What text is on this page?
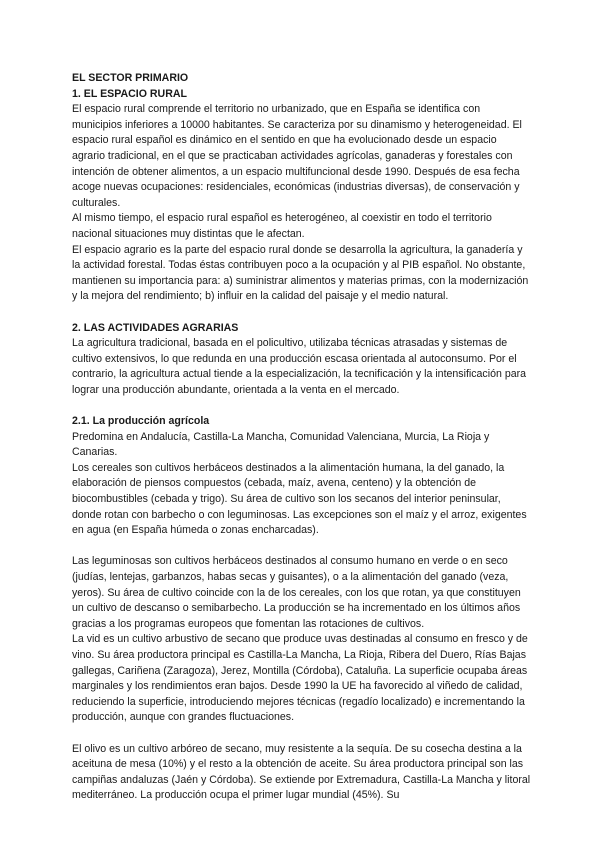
EL SECTOR PRIMARIO

1. EL ESPACIO RURAL

El espacio rural comprende el territorio no urbanizado, que en España se identifica con municipios inferiores a 10000 habitantes. Se caracteriza por su dinamismo y heterogeneidad. El espacio rural español es dinámico en el sentido en que ha evolucionado desde un espacio agrario tradicional, en el que se practicaban actividades agrícolas, ganaderas y forestales con intención de obtener alimentos, a un espacio multifuncional desde 1990. Después de esa fecha acoge nuevas ocupaciones: residenciales, económicas (industrias diversas), de conservación y culturales.

Al mismo tiempo, el espacio rural español es heterogéneo, al coexistir en todo el territorio nacional situaciones muy distintas que le afectan.

El espacio agrario es la parte del espacio rural donde se desarrolla la agricultura, la ganadería y la actividad forestal. Todas éstas contribuyen poco a la ocupación y al PIB español. No obstante, mantienen su importancia para: a) suministrar alimentos y materias primas, con la modernización y la mejora del rendimiento; b) influir en la calidad del paisaje y el medio natural.

2. LAS ACTIVIDADES AGRARIAS

La agricultura tradicional, basada en el policultivo, utilizaba técnicas atrasadas y sistemas de cultivo extensivos, lo que redunda en una producción escasa orientada al autoconsumo. Por el contrario, la agricultura actual tiende a la especialización, la tecnificación y la intensificación para lograr una producción abundante, orientada a la venta en el mercado.

2.1. La producción agrícola

Predomina en Andalucía, Castilla-La Mancha, Comunidad Valenciana, Murcia, La Rioja y Canarias.

Los cereales son cultivos herbáceos destinados a la alimentación humana, la del ganado, la elaboración de piensos compuestos (cebada, maíz, avena, centeno) y la obtención de biocombustibles (cebada y trigo). Su área de cultivo son los secanos del interior peninsular, donde rotan con barbecho o con leguminosas. Las excepciones son el maíz y el arroz, exigentes en agua (en España húmeda o zonas encharcadas).

Las leguminosas son cultivos herbáceos destinados al consumo humano en verde o en seco (judías, lentejas, garbanzos, habas secas y guisantes), o a la alimentación del ganado (veza, yeros). Su área de cultivo coincide con la de los cereales, con los que rotan, ya que constituyen un cultivo de descanso o semibarbecho. La producción se ha incrementado en los últimos años gracias a los programas europeos que fomentan las rotaciones de cultivos.

La vid es un cultivo arbustivo de secano que produce uvas destinadas al consumo en fresco y de vino. Su área productora principal es Castilla-La Mancha, La Rioja, Ribera del Duero, Rías Bajas gallegas, Cariñena (Zaragoza), Jerez, Montilla (Córdoba), Cataluña. La superficie ocupaba áreas marginales y los rendimientos eran bajos. Desde 1990 la UE ha favorecido al viñedo de calidad, reduciendo la superficie, introduciendo mejores técnicas (regadío localizado) e incrementando la producción, aunque con grandes fluctuaciones.

El olivo es un cultivo arbóreo de secano, muy resistente a la sequía. De su cosecha destina a la aceituna de mesa (10%) y el resto a la obtención de aceite. Su área productora principal son las campiñas andaluzas (Jaén y Córdoba). Se extiende por Extremadura, Castilla-La Mancha y litoral mediterráneo. La producción ocupa el primer lugar mundial (45%). Su
